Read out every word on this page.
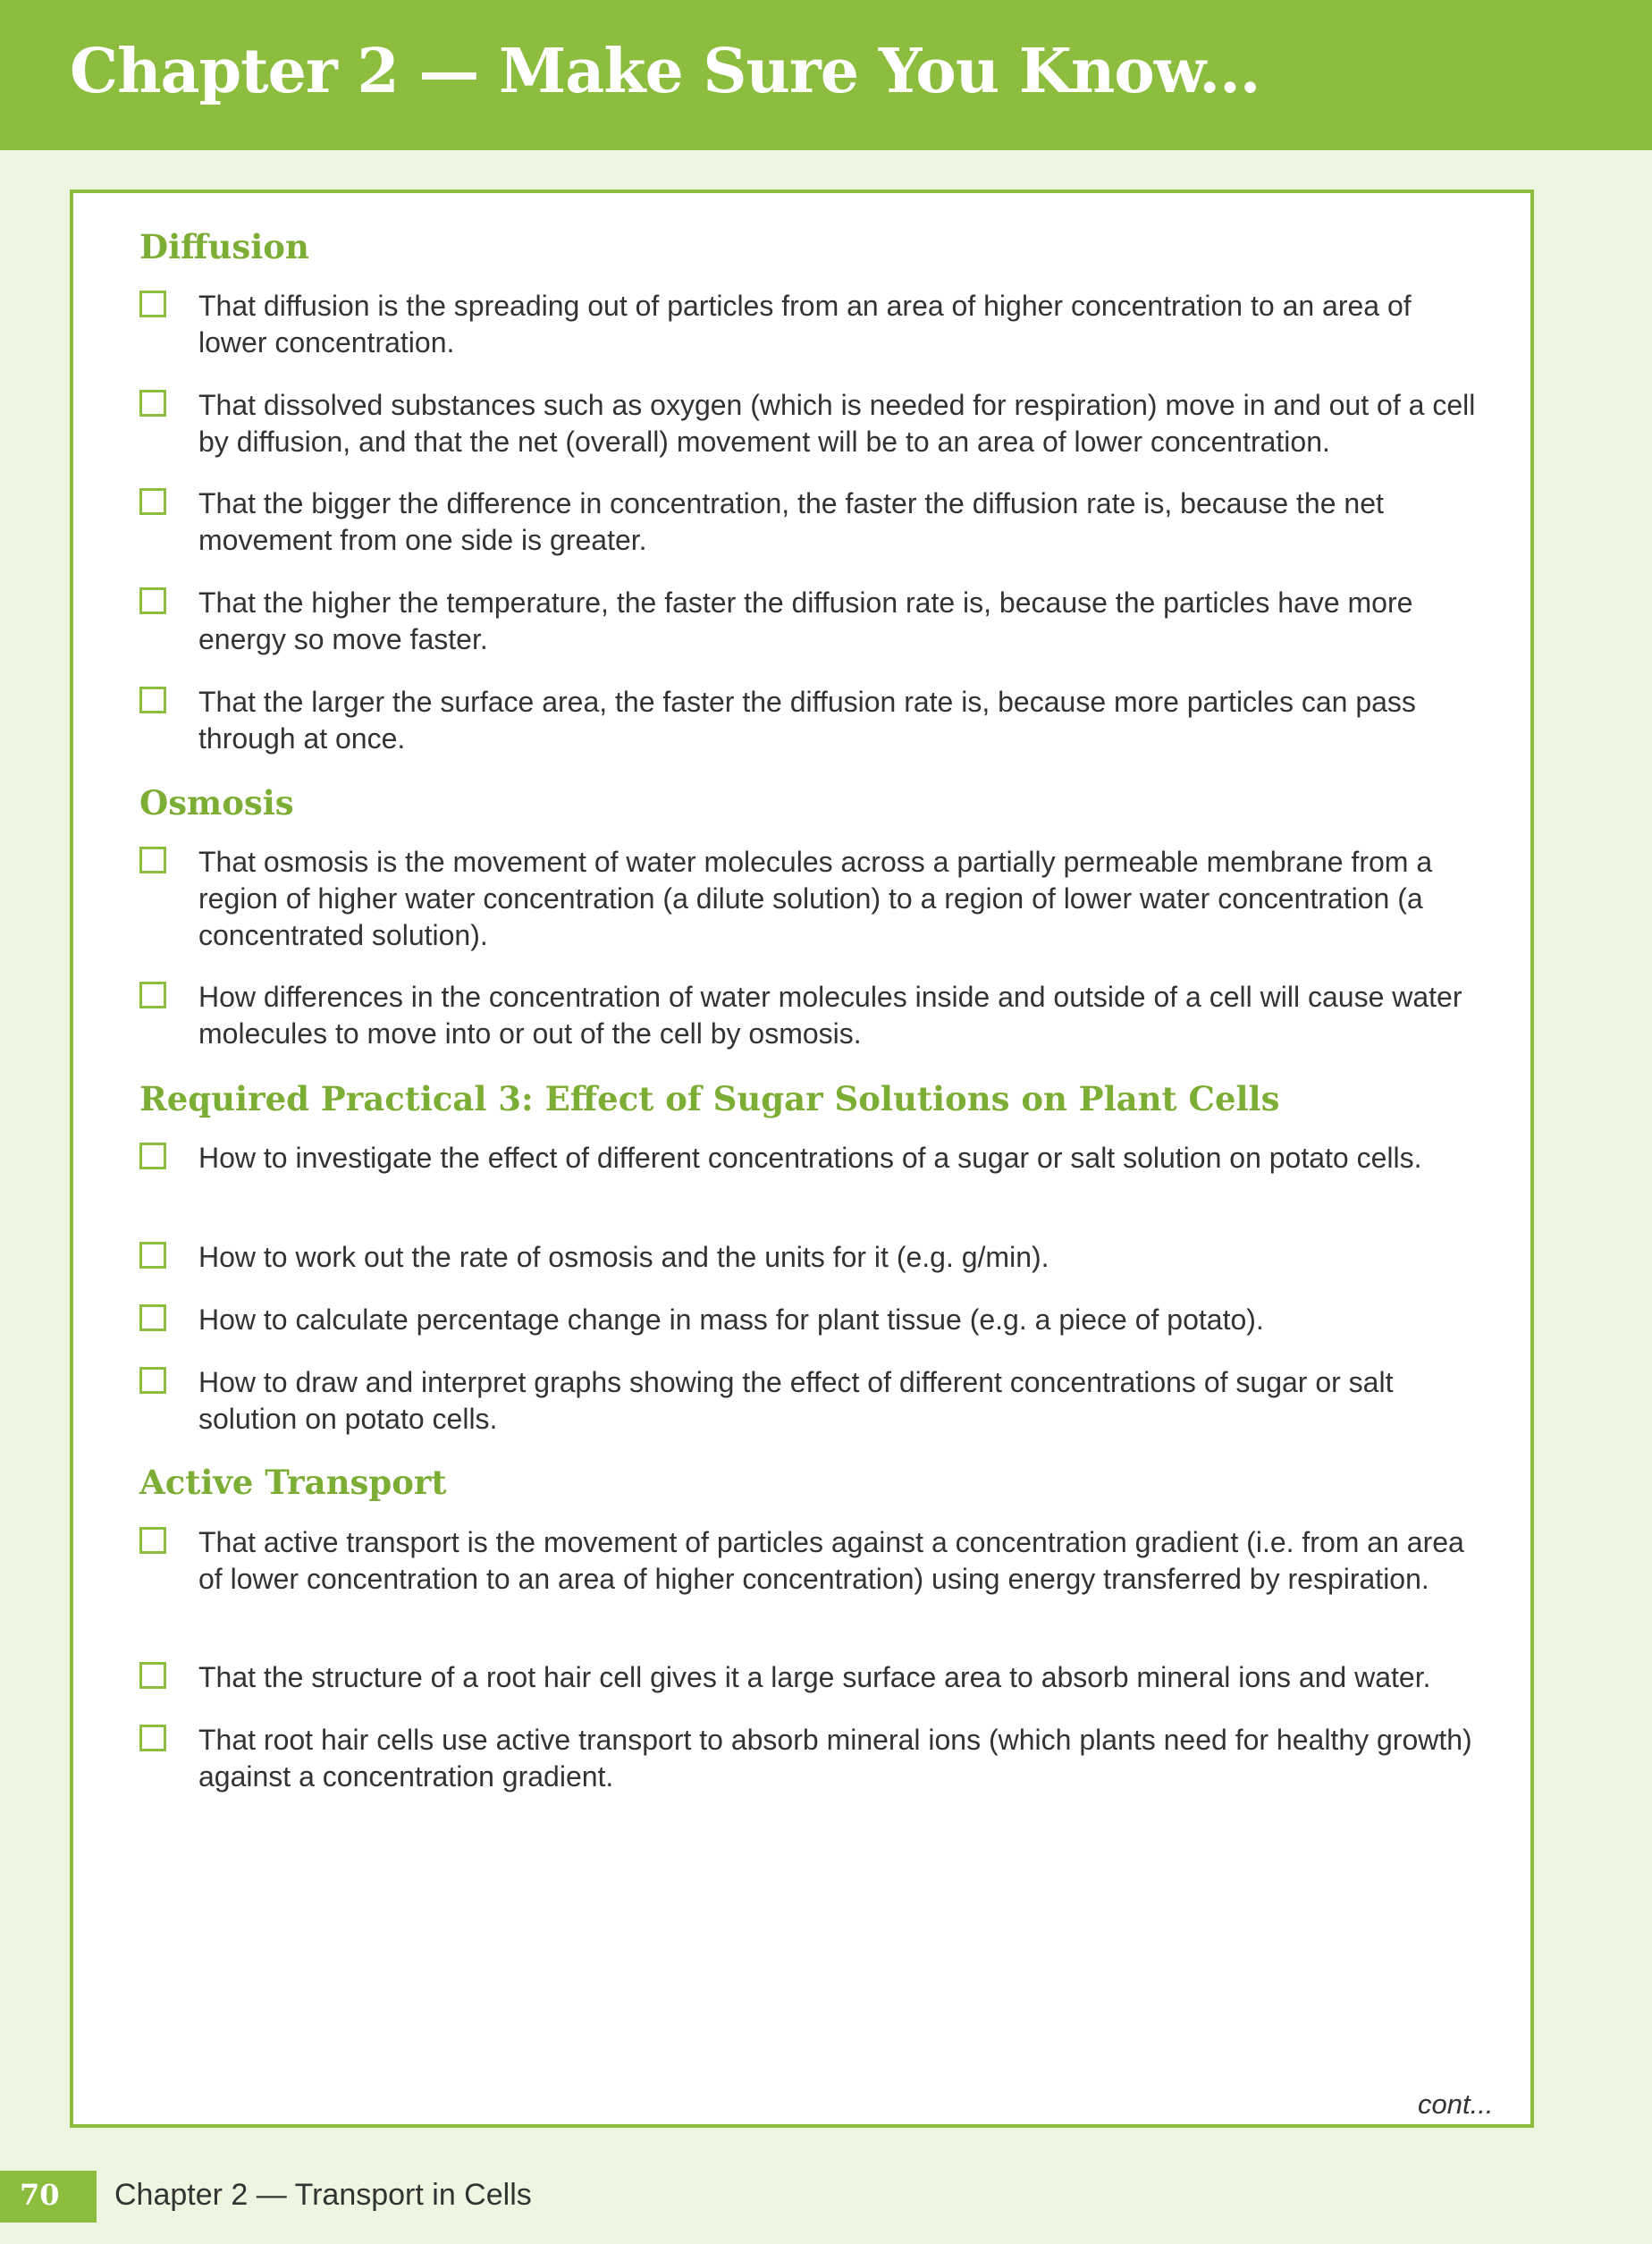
Chapter 2 — Make Sure You Know...
Diffusion

That diffusion is the spreading out of particles from an area of higher concentration to an area of lower concentration.

That dissolved substances such as oxygen (which is needed for respiration) move in and out of a cell by diffusion, and that the net (overall) movement will be to an area of lower concentration.

That the bigger the difference in concentration, the faster the diffusion rate is, because the net movement from one side is greater.

That the higher the temperature, the faster the diffusion rate is, because the particles have more energy so move faster.

That the larger the surface area, the faster the diffusion rate is, because more particles can pass through at once.

Osmosis

That osmosis is the movement of water molecules across a partially permeable membrane from a region of higher water concentration (a dilute solution) to a region of lower water concentration (a concentrated solution).

How differences in the concentration of water molecules inside and outside of a cell will cause water molecules to move into or out of the cell by osmosis.

Required Practical 3: Effect of Sugar Solutions on Plant Cells

How to investigate the effect of different concentrations of a sugar or salt solution on potato cells.

How to work out the rate of osmosis and the units for it (e.g. g/min).

How to calculate percentage change in mass for plant tissue (e.g. a piece of potato).

How to draw and interpret graphs showing the effect of different concentrations of sugar or salt solution on potato cells.

Active Transport

That active transport is the movement of particles against a concentration gradient (i.e. from an area of lower concentration to an area of higher concentration) using energy transferred by respiration.

That the structure of a root hair cell gives it a large surface area to absorb mineral ions and water.

That root hair cells use active transport to absorb mineral ions (which plants need for healthy growth) against a concentration gradient.

cont...
70 Chapter 2 — Transport in Cells
